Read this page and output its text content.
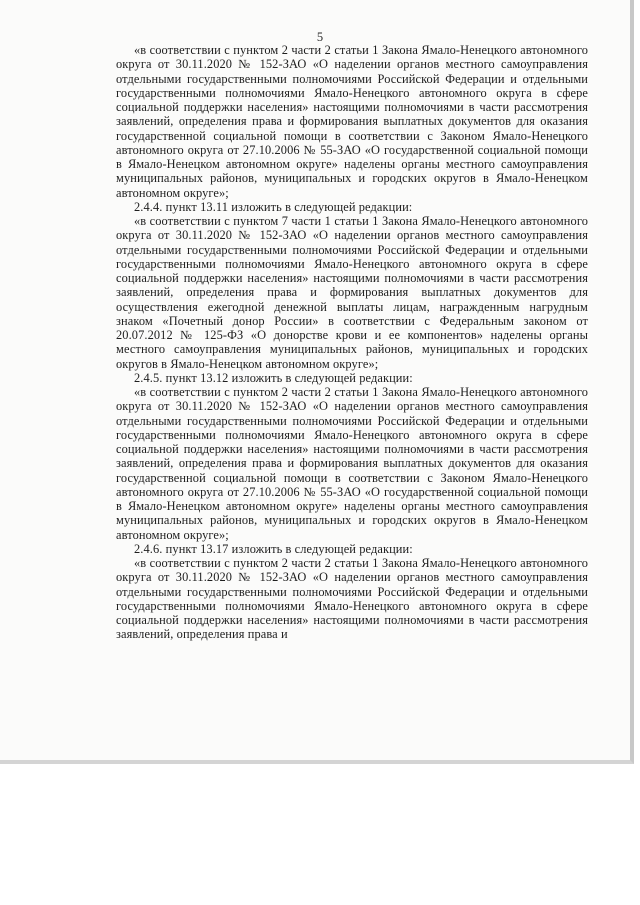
5

«в соответствии с пунктом 2 части 2 статьи 1 Закона Ямало-Ненецкого автономного округа от 30.11.2020 № 152-ЗАО «О наделении органов местного самоуправления отдельными государственными полномочиями Российской Федерации и отдельными государственными полномочиями Ямало-Ненецкого автономного округа в сфере социальной поддержки населения» настоящими полномочиями в части рассмотрения заявлений, определения права и формирования выплатных документов для оказания государственной социальной помощи в соответствии с Законом Ямало-Ненецкого автономного округа от 27.10.2006 № 55-ЗАО «О государственной социальной помощи в Ямало-Ненецком автономном округе» наделены органы местного самоуправления муниципальных районов, муниципальных и городских округов в Ямало-Ненецком автономном округе»;

2.4.4. пункт 13.11 изложить в следующей редакции:

«в соответствии с пунктом 7 части 1 статьи 1 Закона Ямало-Ненецкого автономного округа от 30.11.2020 № 152-ЗАО «О наделении органов местного самоуправления отдельными государственными полномочиями Российской Федерации и отдельными государственными полномочиями Ямало-Ненецкого автономного округа в сфере социальной поддержки населения» настоящими полномочиями в части рассмотрения заявлений, определения права и формирования выплатных документов для осуществления ежегодной денежной выплаты лицам, награжденным нагрудным знаком «Почетный донор России» в соответствии с Федеральным законом от 20.07.2012 № 125-ФЗ «О донорстве крови и ее компонентов» наделены органы местного самоуправления муниципальных районов, муниципальных и городских округов в Ямало-Ненецком автономном округе»;

2.4.5. пункт 13.12 изложить в следующей редакции:

«в соответствии с пунктом 2 части 2 статьи 1 Закона Ямало-Ненецкого автономного округа от 30.11.2020 № 152-ЗАО «О наделении органов местного самоуправления отдельными государственными полномочиями Российской Федерации и отдельными государственными полномочиями Ямало-Ненецкого автономного округа в сфере социальной поддержки населения» настоящими полномочиями в части рассмотрения заявлений, определения права и формирования выплатных документов для оказания государственной социальной помощи в соответствии с Законом Ямало-Ненецкого автономного округа от 27.10.2006 № 55-ЗАО «О государственной социальной помощи в Ямало-Ненецком автономном округе» наделены органы местного самоуправления муниципальных районов, муниципальных и городских округов в Ямало-Ненецком автономном округе»;

2.4.6. пункт 13.17 изложить в следующей редакции:

«в соответствии с пунктом 2 части 2 статьи 1 Закона Ямало-Ненецкого автономного округа от 30.11.2020 № 152-ЗАО «О наделении органов местного самоуправления отдельными государственными полномочиями Российской Федерации и отдельными государственными полномочиями Ямало-Ненецкого автономного округа в сфере социальной поддержки населения» настоящими полномочиями в части рассмотрения заявлений, определения права и
